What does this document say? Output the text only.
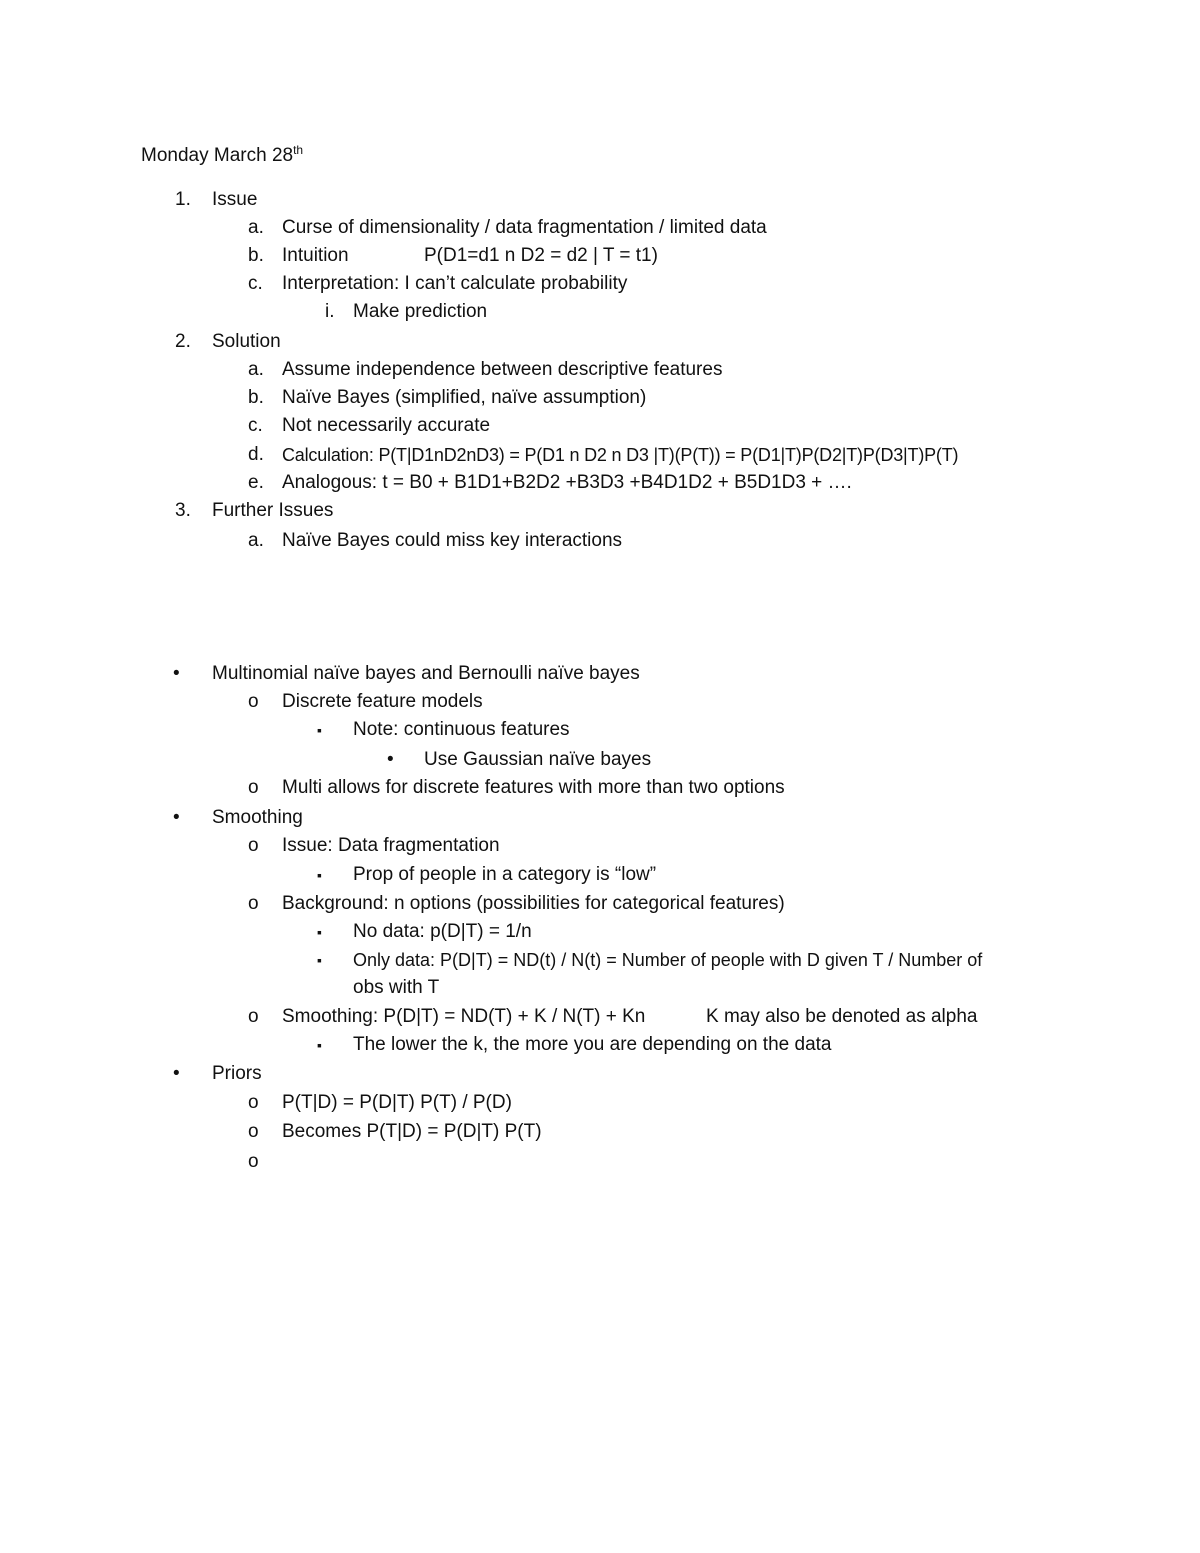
Monday March 28th
1. Issue
a. Curse of dimensionality / data fragmentation / limited data
b. Intuition	P(D1=d1 n D2 = d2 | T = t1)
c. Interpretation: I can’t calculate probability
i. Make prediction
2. Solution
a. Assume independence between descriptive features
b. Naïve Bayes (simplified, naïve assumption)
c. Not necessarily accurate
d. Calculation: P(T|D1nD2nD3) = P(D1 n D2 n D3 |T)(P(T)) = P(D1|T)P(D2|T)P(D3|T)P(T)
e. Analogous: t = B0 + B1D1+B2D2 +B3D3 +B4D1D2 + B5D1D3 + ….
3. Further Issues
a. Naïve Bayes could miss key interactions
• Multinomial naïve bayes and Bernoulli naïve bayes
o Discrete feature models
▪ Note: continuous features
• Use Gaussian naïve bayes
o Multi allows for discrete features with more than two options
• Smoothing
o Issue: Data fragmentation
▪ Prop of people in a category is “low”
o Background: n options (possibilities for categorical features)
▪ No data: p(D|T) = 1/n
▪ Only data: P(D|T) = ND(t) / N(t) = Number of people with D given T / Number of
obs with T
o Smoothing: P(D|T) = ND(T) + K / N(T) + Kn	K may also be denoted as alpha
▪ The lower the k, the more you are depending on the data
• Priors
o P(T|D) = P(D|T) P(T) / P(D)
o Becomes P(T|D) = P(D|T) P(T)
o
